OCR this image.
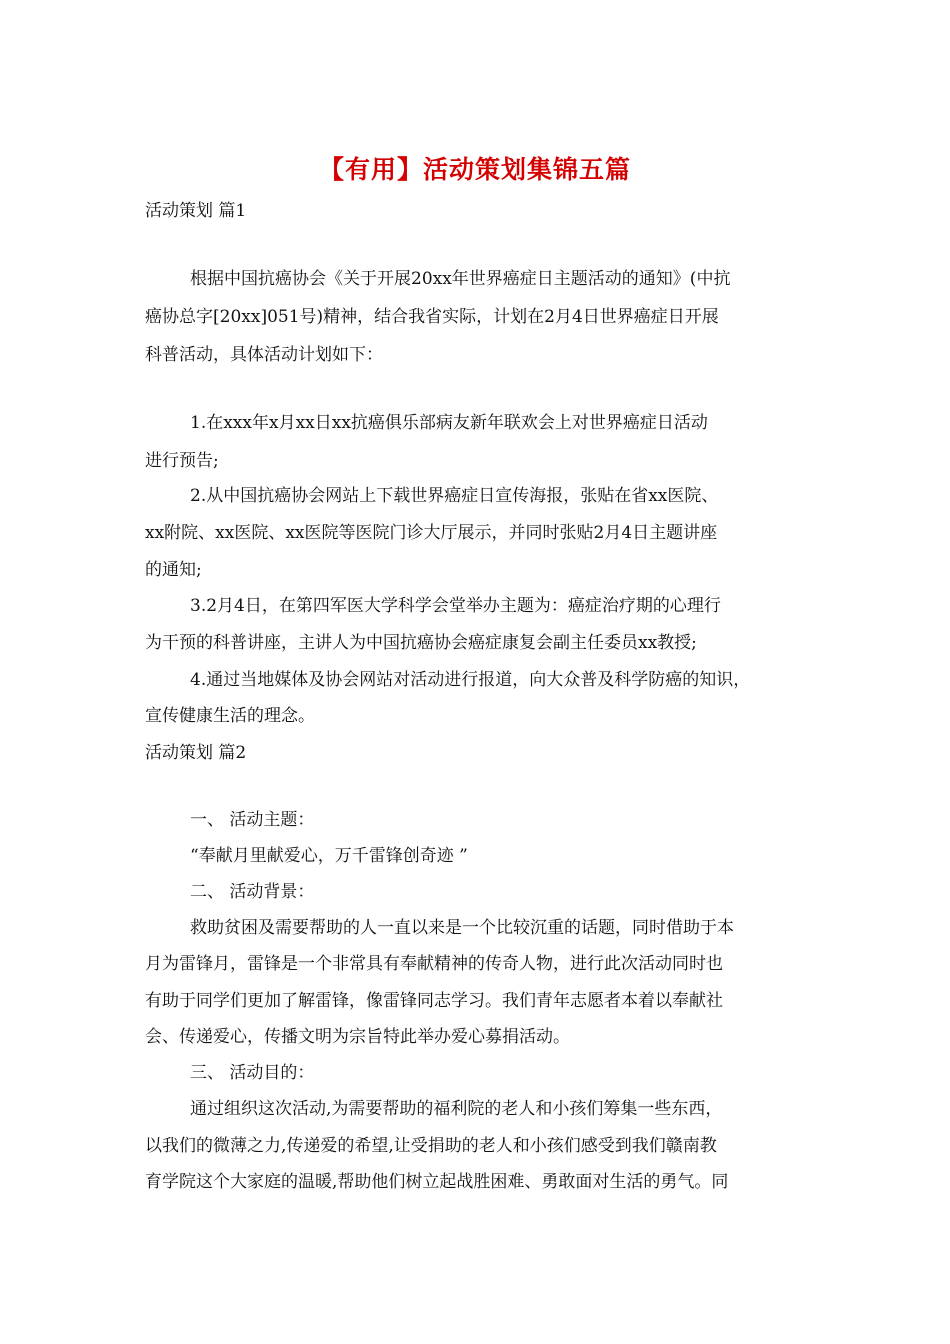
【有用】活动策划集锦五篇
活动策划 篇1
根据中国抗癌协会《关于开展20xx年世界癌症日主题活动的通知》(中抗
癌协总字[20xx]051号)精神，结合我省实际，计划在2月4日世界癌症日开展
科普活动，具体活动计划如下：
1.在xxx年x月xx日xx抗癌俱乐部病友新年联欢会上对世界癌症日活动
进行预告;
2.从中国抗癌协会网站上下载世界癌症日宣传海报，张贴在省xx医院、
xx附院、xx医院、xx医院等医院门诊大厅展示，并同时张贴2月4日主题讲座
的通知;
3.2月4日，在第四军医大学科学会堂举办主题为：癌症治疗期的心理行
为干预的科普讲座，主讲人为中国抗癌协会癌症康复会副主任委员xx教授;
4.通过当地媒体及协会网站对活动进行报道，向大众普及科学防癌的知识，
宣传健康生活的理念。
活动策划 篇2
一、 活动主题：
“奉献月里献爱心，万千雷锋创奇迹 ”
二、 活动背景：
救助贫困及需要帮助的人一直以来是一个比较沉重的话题，同时借助于本
月为雷锋月，雷锋是一个非常具有奉献精神的传奇人物，进行此次活动同时也
有助于同学们更加了解雷锋，像雷锋同志学习。我们青年志愿者本着以奉献社
会、传递爱心，传播文明为宗旨特此举办爱心募捐活动。
三、 活动目的：
通过组织这次活动,为需要帮助的福利院的老人和小孩们筹集一些东西，
以我们的微薄之力,传递爱的希望,让受捐助的老人和小孩们感受到我们赣南教
育学院这个大家庭的温暖,帮助他们树立起战胜困难、勇敢面对生活的勇气。同
